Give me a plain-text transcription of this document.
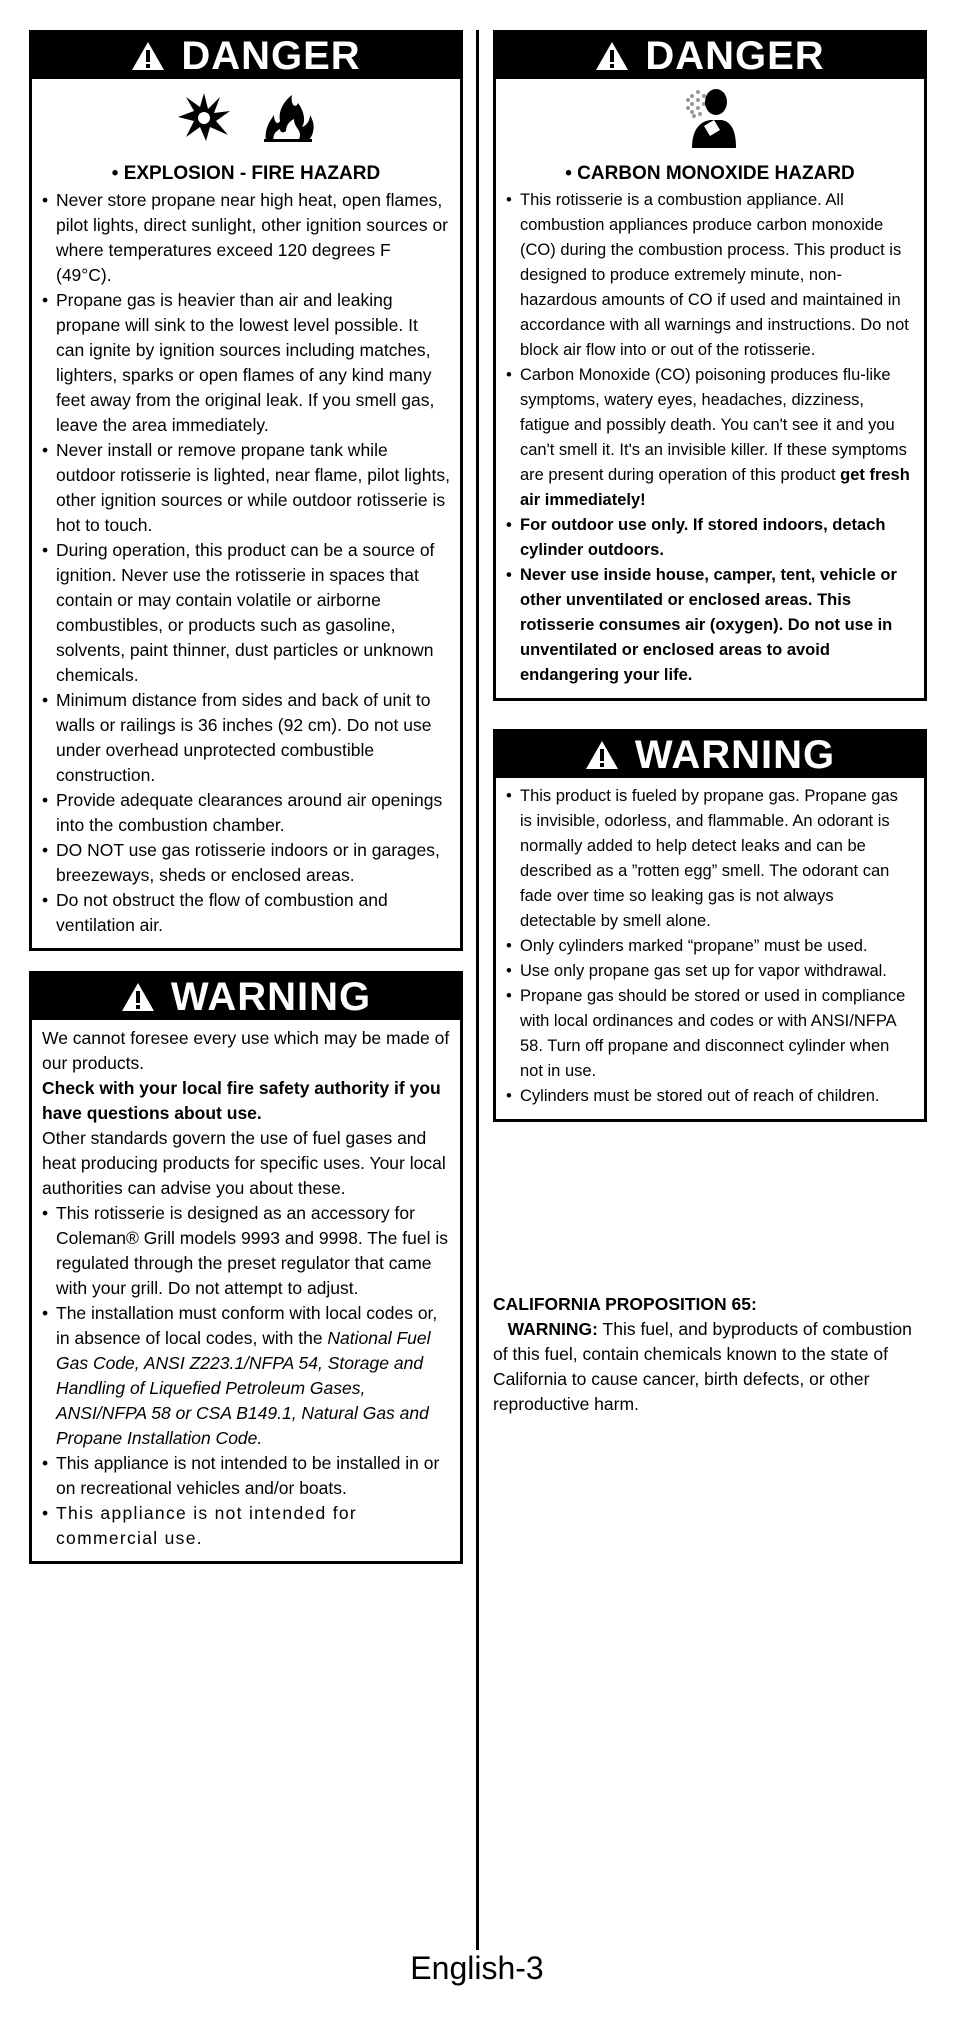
DANGER
• EXPLOSION - FIRE HAZARD
• Never store propane near high heat, open flames, pilot lights, direct sunlight, other ignition sources or where temperatures exceed 120 degrees F (49°C).
• Propane gas is heavier than air and leaking propane will sink to the lowest level possible. It can ignite by ignition sources including matches, lighters, sparks or open flames of any kind many feet away from the original leak. If you smell gas, leave the area immediately.
• Never install or remove propane tank while outdoor rotisserie is lighted, near flame, pilot lights, other ignition sources or while outdoor rotisserie is hot to touch.
• During operation, this product can be a source of ignition. Never use the rotisserie in spaces that contain or may contain volatile or airborne combustibles, or products such as gasoline, solvents, paint thinner, dust particles or unknown chemicals.
• Minimum distance from sides and back of unit to walls or railings is 36 inches (92 cm). Do not use under overhead unprotected combustible construction.
• Provide adequate clearances around air openings into the combustion chamber.
• DO NOT use gas rotisserie indoors or in garages, breezeways, sheds or enclosed areas.
• Do not obstruct the flow of combustion and ventilation air.
WARNING

We cannot foresee every use which may be made of our products.

Check with your local fire safety authority if you have questions about use.

Other standards govern the use of fuel gases and heat producing products for specific uses. Your local authorities can advise you about these.

• This rotisserie is designed as an accessory for Coleman® Grill models 9993 and 9998. The fuel is regulated through the preset regulator that came with your grill. Do not attempt to adjust.
• The installation must conform with local codes or, in absence of local codes, with the National Fuel Gas Code, ANSI Z223.1/NFPA 54, Storage and Handling of Liquefied Petroleum Gases, ANSI/NFPA 58 or CSA B149.1, Natural Gas and Propane Installation Code.
• This appliance is not intended to be installed in or on recreational vehicles and/or boats.
• This appliance is not intended for commercial use.
DANGER
• CARBON MONOXIDE HAZARD
• This rotisserie is a combustion appliance. All combustion appliances produce carbon monoxide (CO) during the combustion process. This product is designed to produce extremely minute, non-hazardous amounts of CO if used and maintained in accordance with all warnings and instructions. Do not block air flow into or out of the rotisserie.
• Carbon Monoxide (CO) poisoning produces flu-like symptoms, watery eyes, headaches, dizziness, fatigue and possibly death. You can't see it and you can't smell it. It's an invisible killer. If these symptoms are present during operation of this product get fresh air immediately!
• For outdoor use only. If stored indoors, detach cylinder outdoors.
• Never use inside house, camper, tent, vehicle or other unventilated or enclosed areas. This rotisserie consumes air (oxygen). Do not use in unventilated or enclosed areas to avoid endangering your life.
WARNING
• This product is fueled by propane gas. Propane gas is invisible, odorless, and flammable. An odorant is normally added to help detect leaks and can be described as a ”rotten egg” smell. The odorant can fade over time so leaking gas is not always detectable by smell alone.
• Only cylinders marked “propane” must be used.
• Use only propane gas set up for vapor withdrawal.
• Propane gas should be stored or used in compliance with local ordinances and codes or with ANSI/NFPA 58. Turn off propane and disconnect cylinder when not in use.
• Cylinders must be stored out of reach of children.

CALIFORNIA PROPOSITION 65:

WARNING: This fuel, and byproducts of combustion of this fuel, contain chemicals known to the state of California to cause cancer, birth defects, or other reproductive harm.

English-3
